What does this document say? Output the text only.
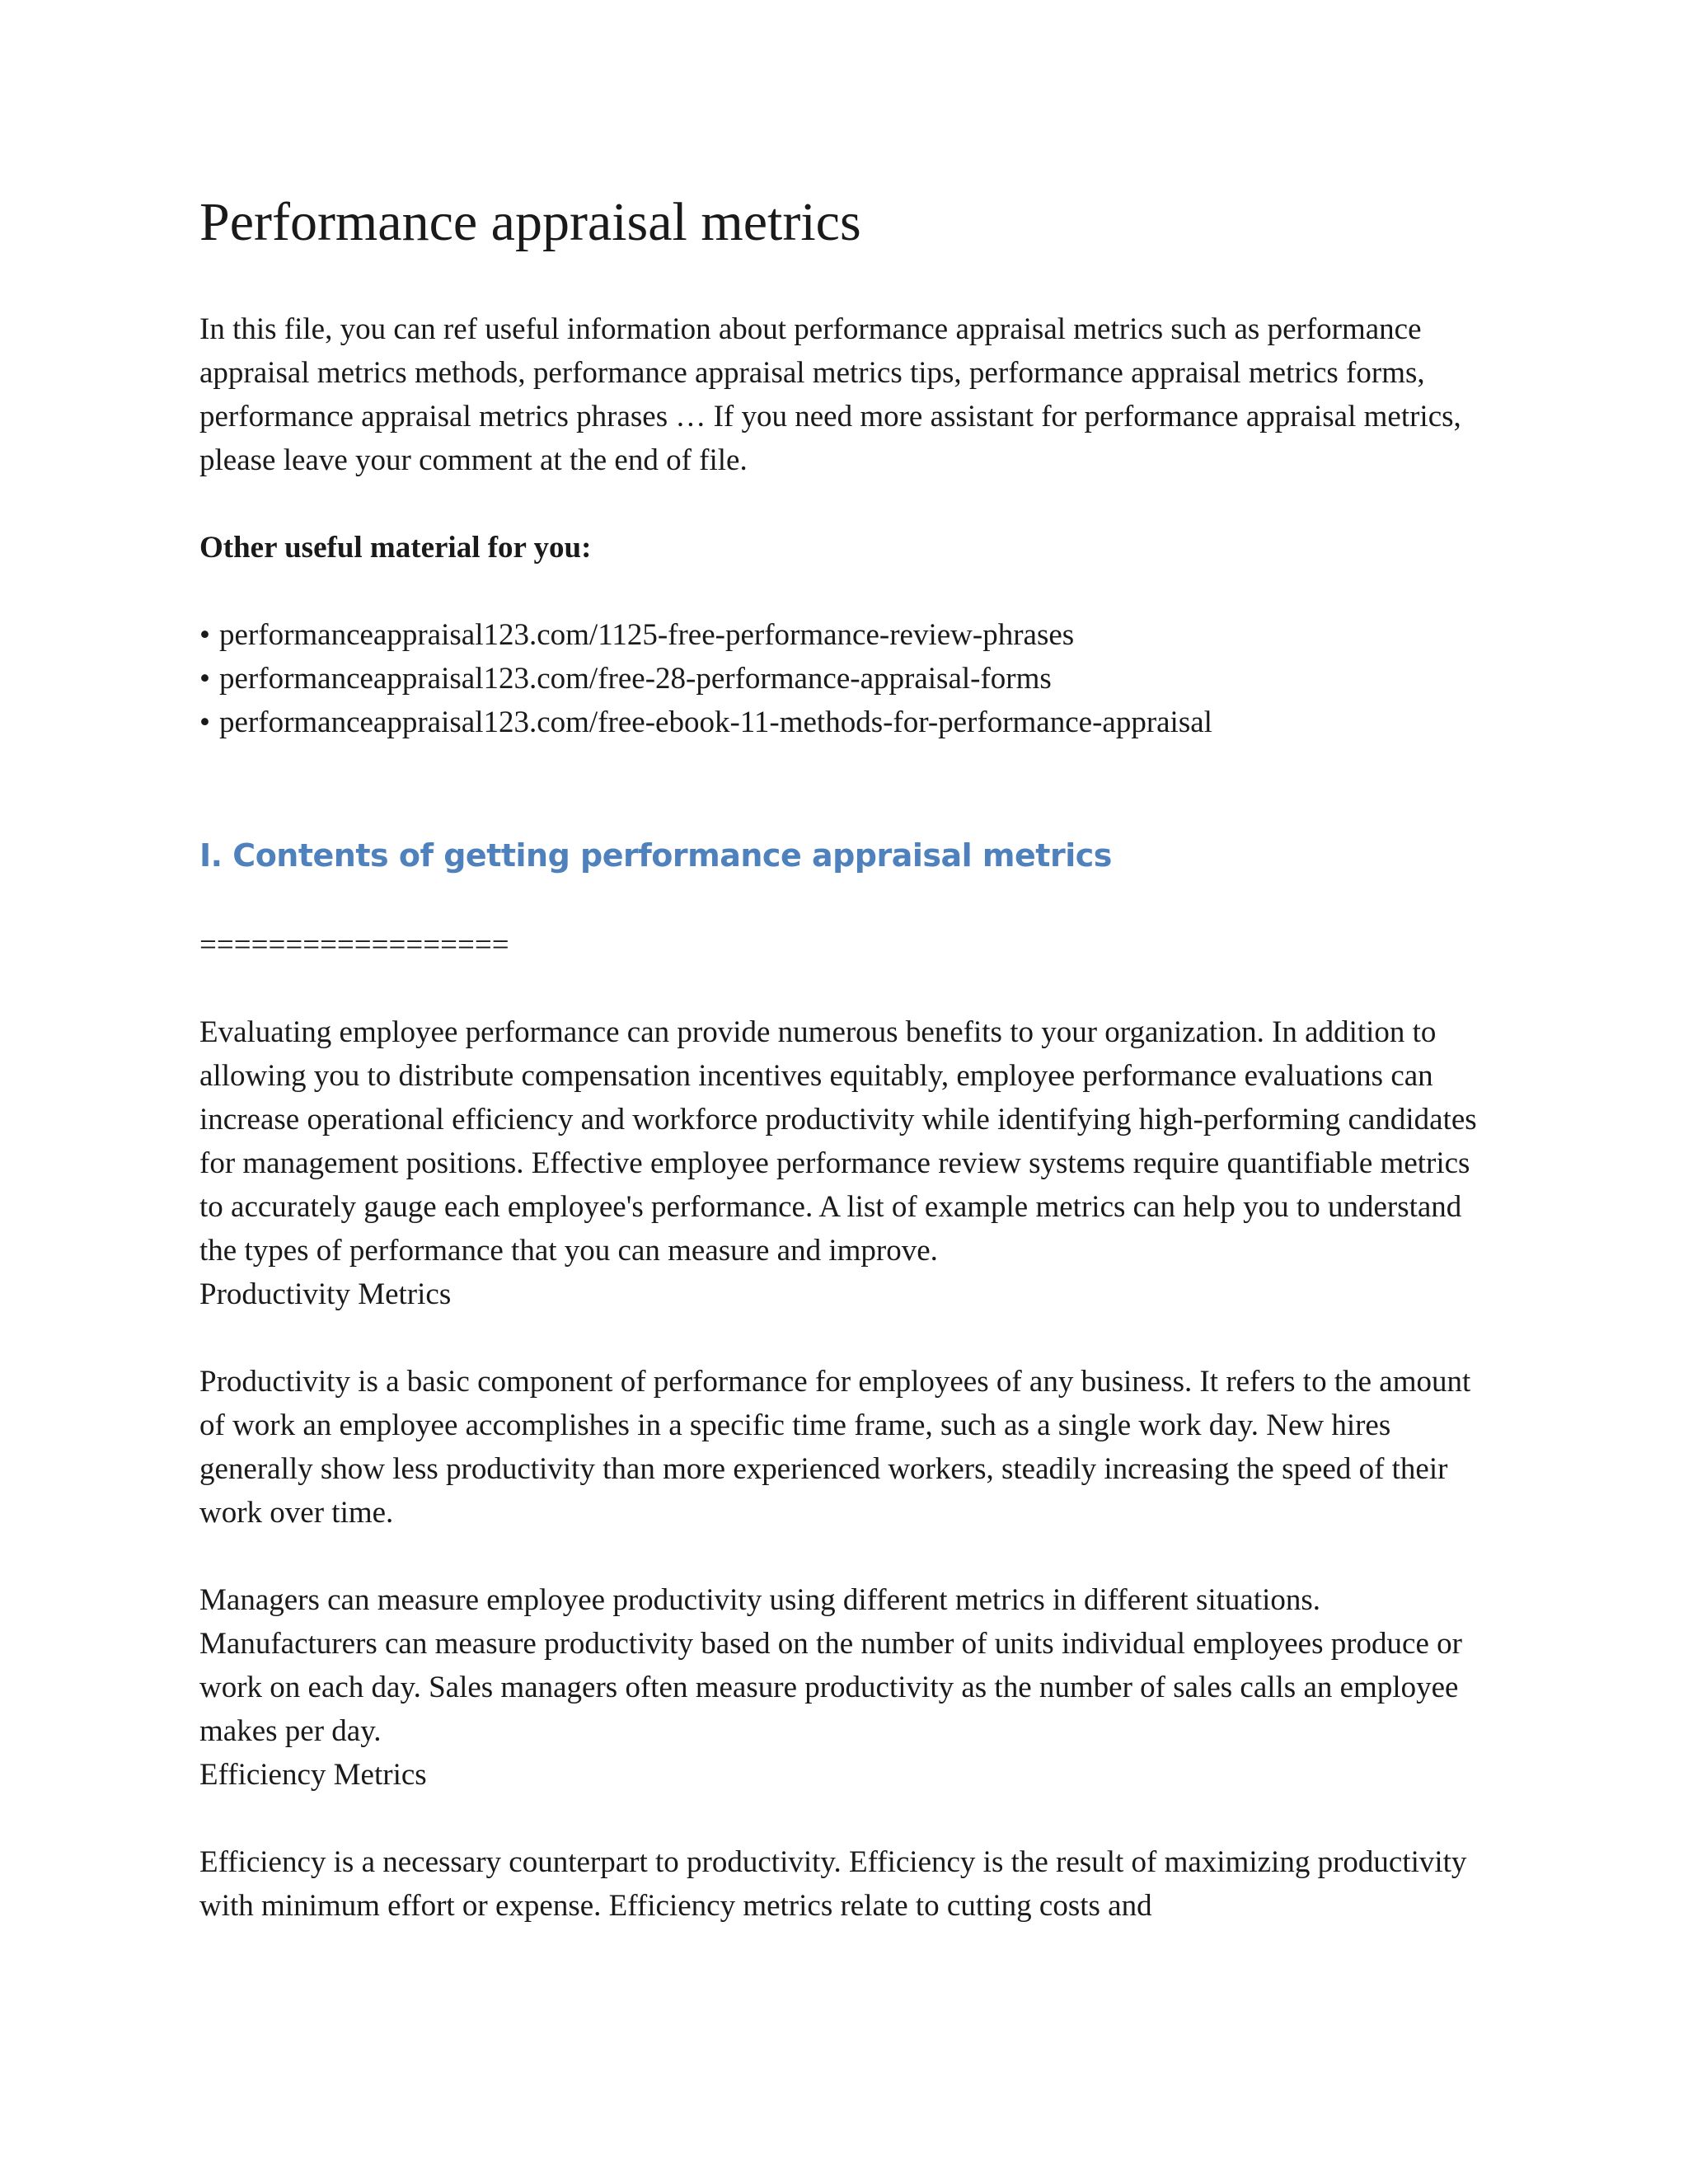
Performance appraisal metrics

In this file, you can ref useful information about performance appraisal metrics such as performance appraisal metrics methods, performance appraisal metrics tips, performance appraisal metrics forms, performance appraisal metrics phrases … If you need more assistant for performance appraisal metrics, please leave your comment at the end of file.

Other useful material for you:

• performanceappraisal123.com/1125-free-performance-review-phrases
• performanceappraisal123.com/free-28-performance-appraisal-forms
• performanceappraisal123.com/free-ebook-11-methods-for-performance-appraisal
I. Contents of getting performance appraisal metrics

==================

Evaluating employee performance can provide numerous benefits to your organization. In addition to allowing you to distribute compensation incentives equitably, employee performance evaluations can increase operational efficiency and workforce productivity while identifying high-performing candidates for management positions. Effective employee performance review systems require quantifiable metrics to accurately gauge each employee's performance. A list of example metrics can help you to understand the types of performance that you can measure and improve.

Productivity Metrics

Productivity is a basic component of performance for employees of any business. It refers to the amount of work an employee accomplishes in a specific time frame, such as a single work day. New hires generally show less productivity than more experienced workers, steadily increasing the speed of their work over time.

Managers can measure employee productivity using different metrics in different situations. Manufacturers can measure productivity based on the number of units individual employees produce or work on each day. Sales managers often measure productivity as the number of sales calls an employee makes per day.

Efficiency Metrics

Efficiency is a necessary counterpart to productivity. Efficiency is the result of maximizing productivity with minimum effort or expense. Efficiency metrics relate to cutting costs and
